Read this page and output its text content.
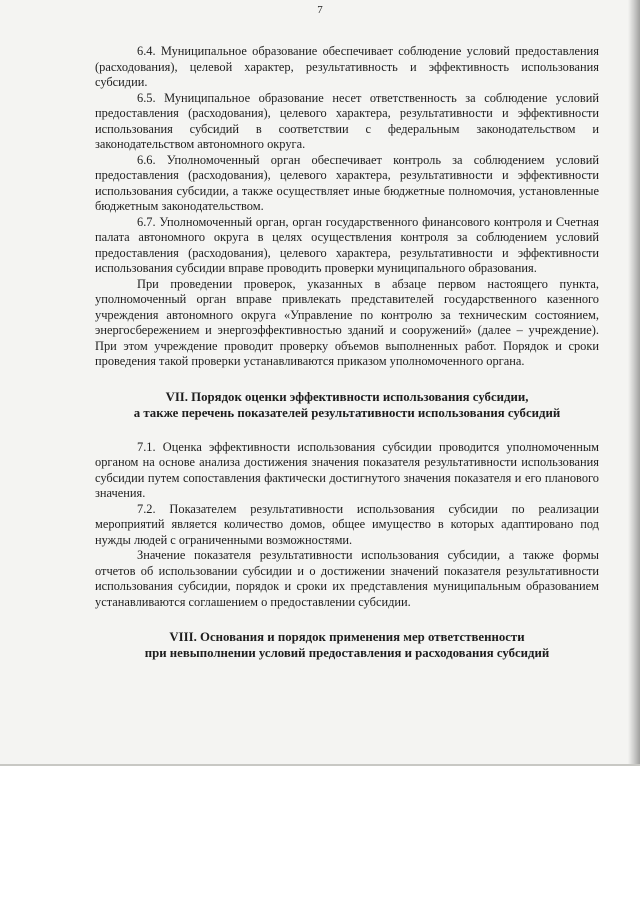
7

6.4. Муниципальное образование обеспечивает соблюдение условий предоставления (расходования), целевой характер, результативность и эффективность использования субсидии.

6.5. Муниципальное образование несет ответственность за соблюдение условий предоставления (расходования), целевого характера, результативности и эффективности использования субсидий в соответствии с федеральным законодательством и законодательством автономного округа.

6.6. Уполномоченный орган обеспечивает контроль за соблюдением условий предоставления (расходования), целевого характера, результативности и эффективности использования субсидии, а также осуществляет иные бюджетные полномочия, установленные бюджетным законодательством.

6.7. Уполномоченный орган, орган государственного финансового контроля и Счетная палата автономного округа в целях осуществления контроля за соблюдением условий предоставления (расходования), целевого характера, результативности и эффективности использования субсидии вправе проводить проверки муниципального образования.

При проведении проверок, указанных в абзаце первом настоящего пункта, уполномоченный орган вправе привлекать представителей государственного казенного учреждения автономного округа «Управление по контролю за техническим состоянием, энергосбережением и энергоэффективностью зданий и сооружений» (далее – учреждение). При этом учреждение проводит проверку объемов выполненных работ. Порядок и сроки проведения такой проверки устанавливаются приказом уполномоченного органа.

VII. Порядок оценки эффективности использования субсидии,
а также перечень показателей результативности использования субсидий

7.1. Оценка эффективности использования субсидии проводится уполномоченным органом на основе анализа достижения значения показателя результативности использования субсидии путем сопоставления фактически достигнутого значения показателя и его планового значения.

7.2. Показателем результативности использования субсидии по реализации мероприятий является количество домов, общее имущество в которых адаптировано под нужды людей с ограниченными возможностями.

Значение показателя результативности использования субсидии, а также формы отчетов об использовании субсидии и о достижении значений показателя результативности использования субсидии, порядок и сроки их представления муниципальным образованием устанавливаются соглашением о предоставлении субсидии.

VIII. Основания и порядок применения мер ответственности
при невыполнении условий предоставления и расходования субсидий
